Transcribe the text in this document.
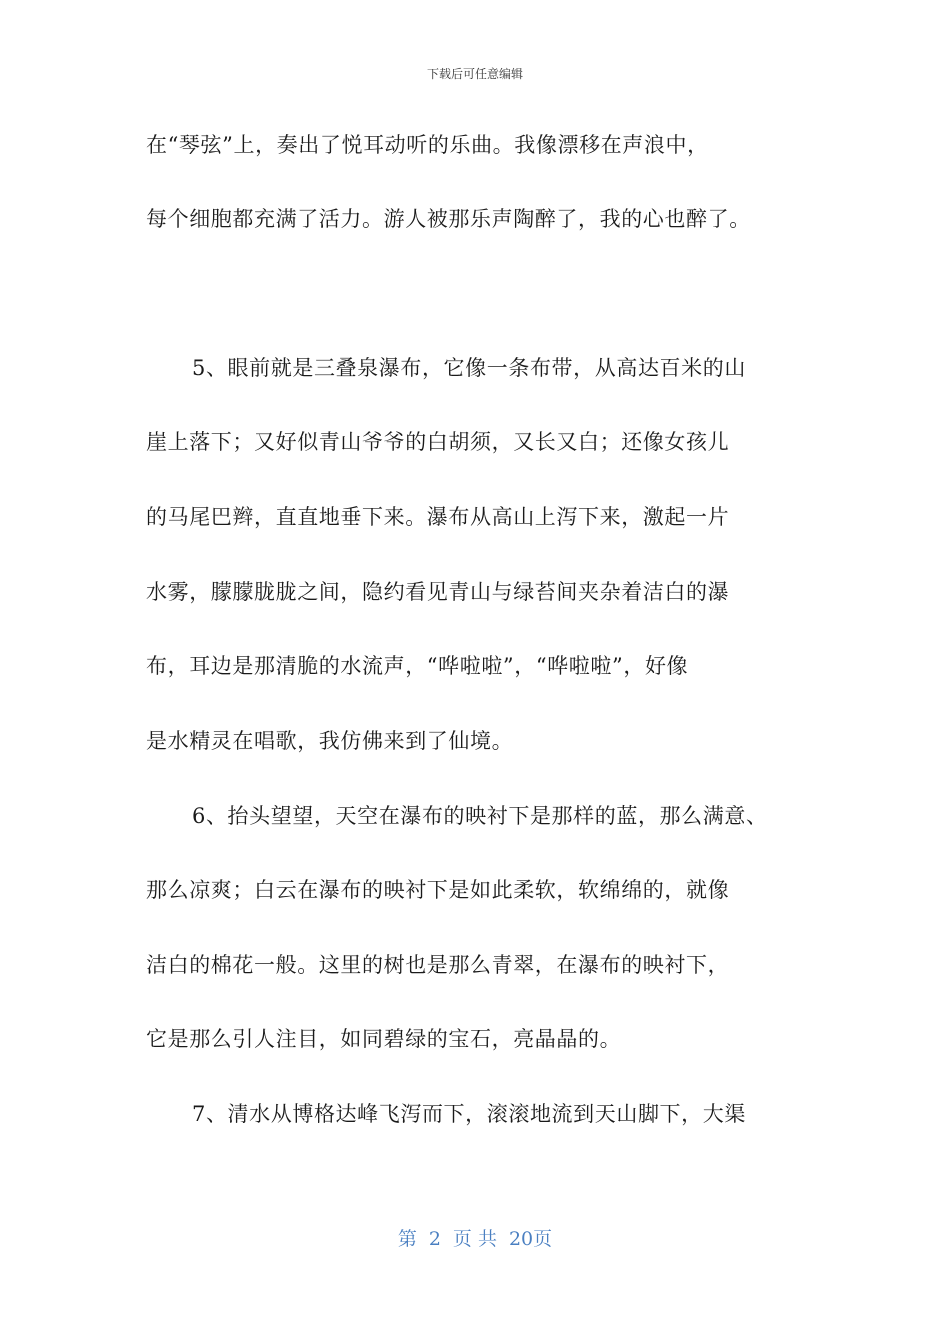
下载后可任意编辑
在“琴弦”上，奏出了悦耳动听的乐曲。我像漂移在声浪中，
每个细胞都充满了活力。游人被那乐声陶醉了，我的心也醉了。
5、眼前就是三叠泉瀑布，它像一条布带，从高达百米的山
崖上落下；又好似青山爷爷的白胡须，又长又白；还像女孩儿
的马尾巴辫，直直地垂下来。瀑布从高山上泻下来，激起一片
水雾，朦朦胧胧之间，隐约看见青山与绿苔间夹杂着洁白的瀑
布，耳边是那清脆的水流声，“哗啦啦”，“哗啦啦”，好像
是水精灵在唱歌，我仿佛来到了仙境。
6、抬头望望，天空在瀑布的映衬下是那样的蓝，那么满意、
那么凉爽；白云在瀑布的映衬下是如此柔软，软绵绵的，就像
洁白的棉花一般。这里的树也是那么青翠，在瀑布的映衬下，
它是那么引人注目，如同碧绿的宝石，亮晶晶的。
7、清水从博格达峰飞泻而下，滚滚地流到天山脚下，大渠
第 2 页 共 20页
